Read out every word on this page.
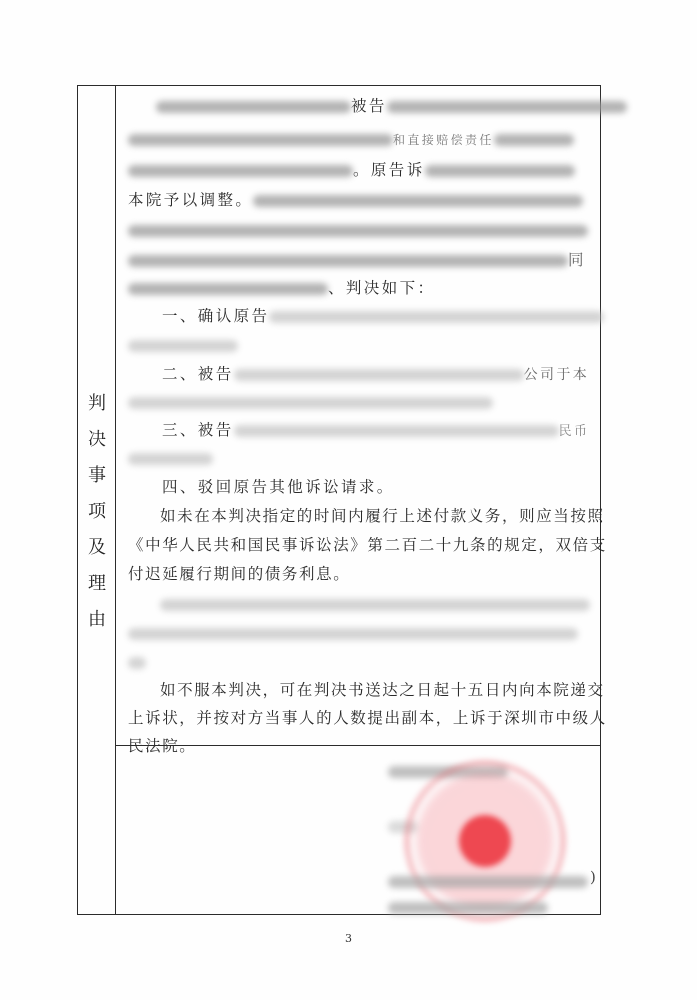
判
决
事
项
及
理
由
被告
和直接赔偿责任
。原告诉
本院予以调整。
同
、判决如下：
一、确认原告
二、被告	公司于本
三、被告	民币
四、驳回原告其他诉讼请求。
如未在本判决指定的时间内履行上述付款义务，则应当按照
《中华人民共和国民事诉讼法》第二百二十九条的规定，双倍支
付迟延履行期间的债务利息。
如不服本判决，可在判决书送达之日起十五日内向本院递交
上诉状，并按对方当事人的人数提出副本，上诉于深圳市中级人
民法院。
)
3
